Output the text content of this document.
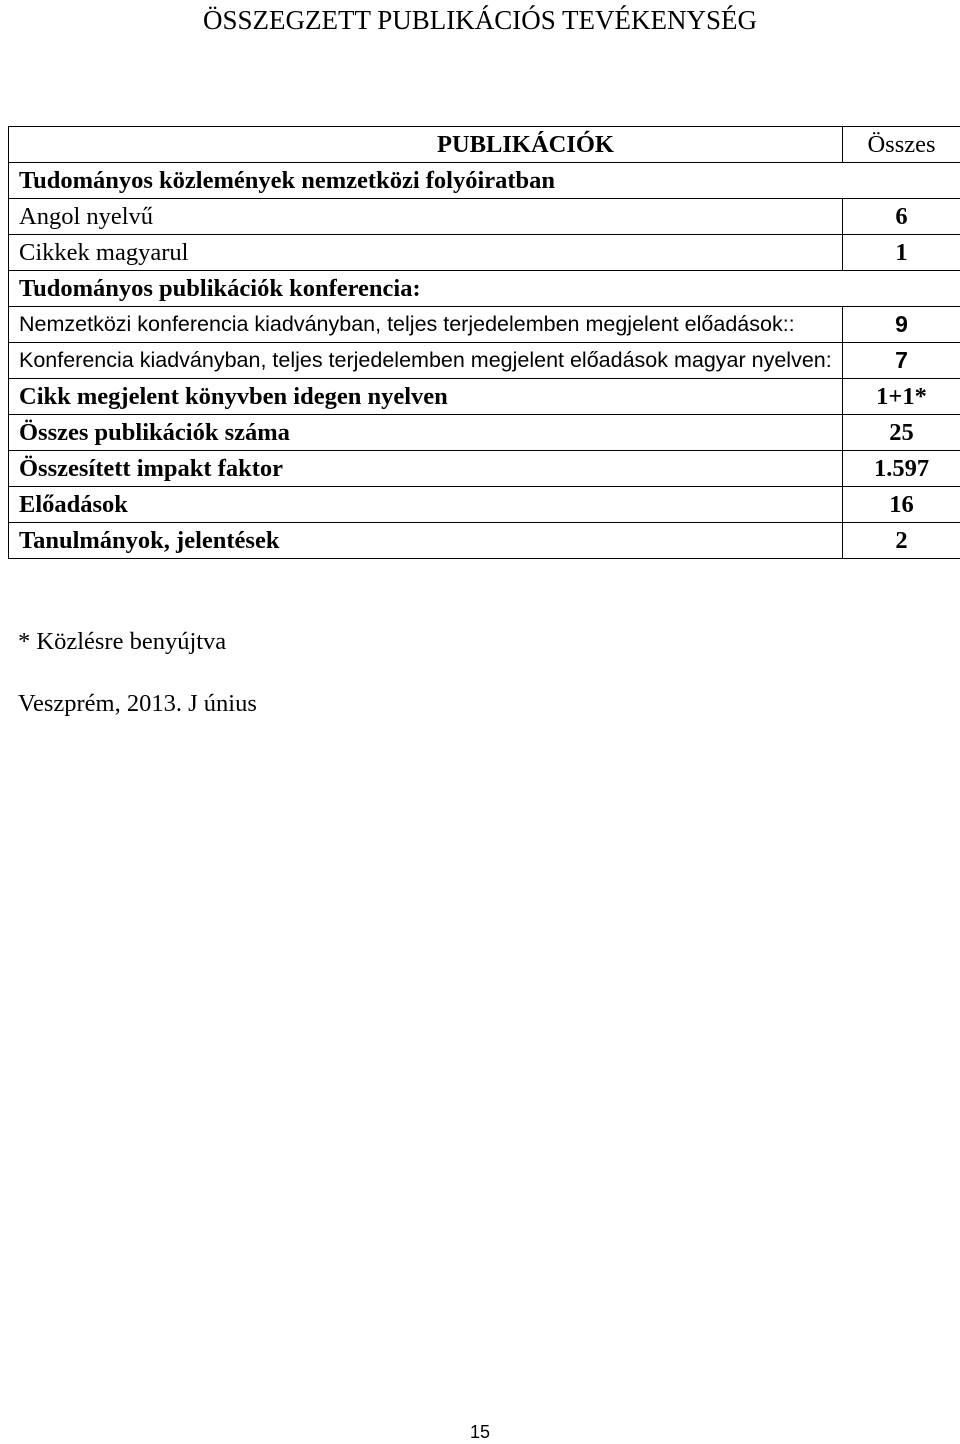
ÖSSZEGZETT PUBLIKÁCIÓS TEVÉKENYSÉG
PUBLIKÁCIÓK	Összes
Tudományos közlemények nemzetközi folyóiratban	
Angol nyelvű	6
Cikkek magyarul	1
Tudományos publikációk konferencia:	
Nemzetközi konferencia kiadványban, teljes terjedelemben megjelent előadások::	9
Konferencia kiadványban, teljes terjedelemben megjelent előadások magyar nyelven:	7
Cikk megjelent könyvben idegen nyelven	1+1*
Összes publikációk száma	25
Összesített impakt faktor	1.597
Előadások	16
Tanulmányok, jelentések	2
* Közlésre benyújtva
Veszprém, 2013. J únius
15
